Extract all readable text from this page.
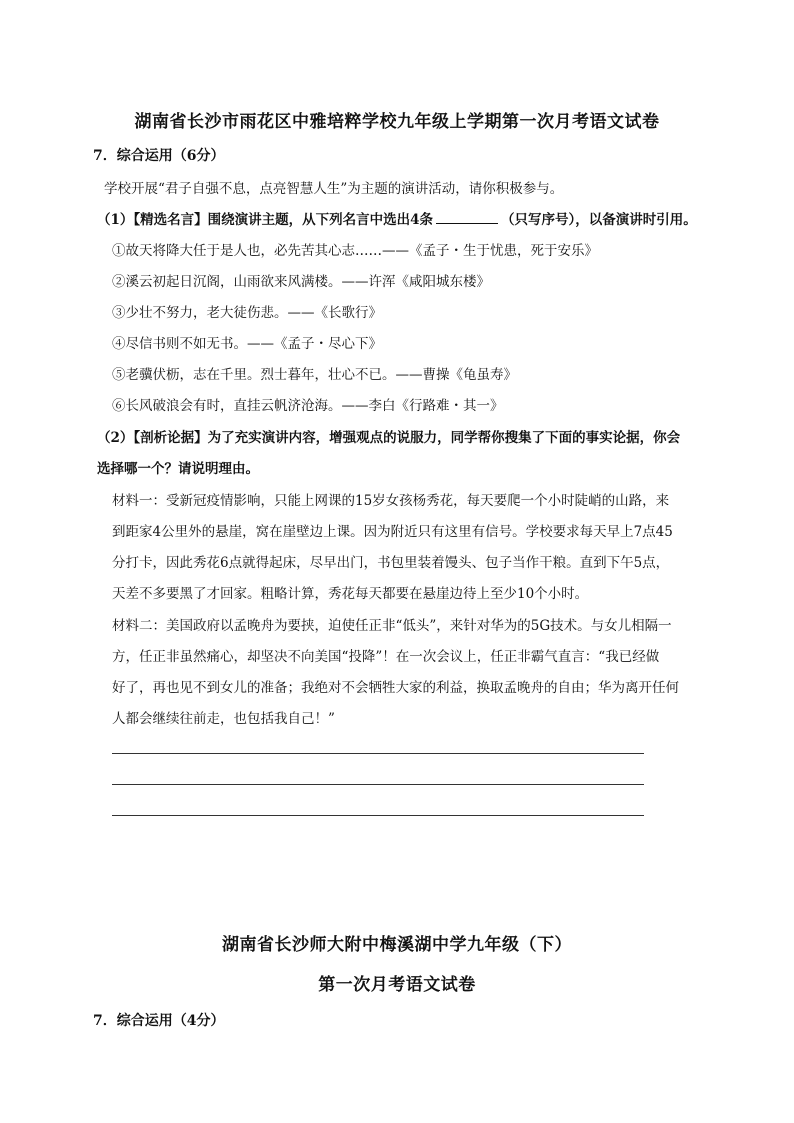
湖南省长沙市雨花区中雅培粹学校九年级上学期第一次月考语文试卷
7．综合运用（6分）
学校开展“君子自强不息，点亮智慧人生”为主题的演讲活动，请你积极参与。
（1）【精选名言】围绕演讲主题，从下列名言中选出4条	（只写序号），以备演讲时引用。
①故天将降大任于是人也，必先苦其心志……——《孟子・生于忧患，死于安乐》
②溪云初起日沉阁，山雨欲来风满楼。——许浑《咸阳城东楼》
③少壮不努力，老大徒伤悲。——《长歌行》
④尽信书则不如无书。——《孟子・尽心下》
⑤老骥伏枥，志在千里。烈士暮年，壮心不已。——曹操《龟虽寿》
⑥长风破浪会有时，直挂云帆济沧海。——李白《行路难・其一》
（2）【剖析论据】为了充实演讲内容，增强观点的说服力，同学帮你搜集了下面的事实论据，你会
选择哪一个？请说明理由。
材料一：受新冠疫情影响，只能上网课的15岁女孩杨秀花，每天要爬一个小时陡峭的山路，来
到距家4公里外的悬崖，窝在崖壁边上课。因为附近只有这里有信号。学校要求每天早上7点45
分打卡，因此秀花6点就得起床，尽早出门，书包里装着馒头、包子当作干粮。直到下午5点，
天差不多要黑了才回家。粗略计算，秀花每天都要在悬崖边待上至少10个小时。
材料二：美国政府以孟晚舟为要挟，迫使任正非“低头”，来针对华为的5G技术。与女儿相隔一
方，任正非虽然痛心，却坚决不向美国“投降”！在一次会议上，任正非霸气直言：“我已经做
好了，再也见不到女儿的准备；我绝对不会牺牲大家的利益，换取孟晚舟的自由；华为离开任何
人都会继续往前走，也包括我自己！”
湖南省长沙师大附中梅溪湖中学九年级（下）
第一次月考语文试卷
7．综合运用（4分）
